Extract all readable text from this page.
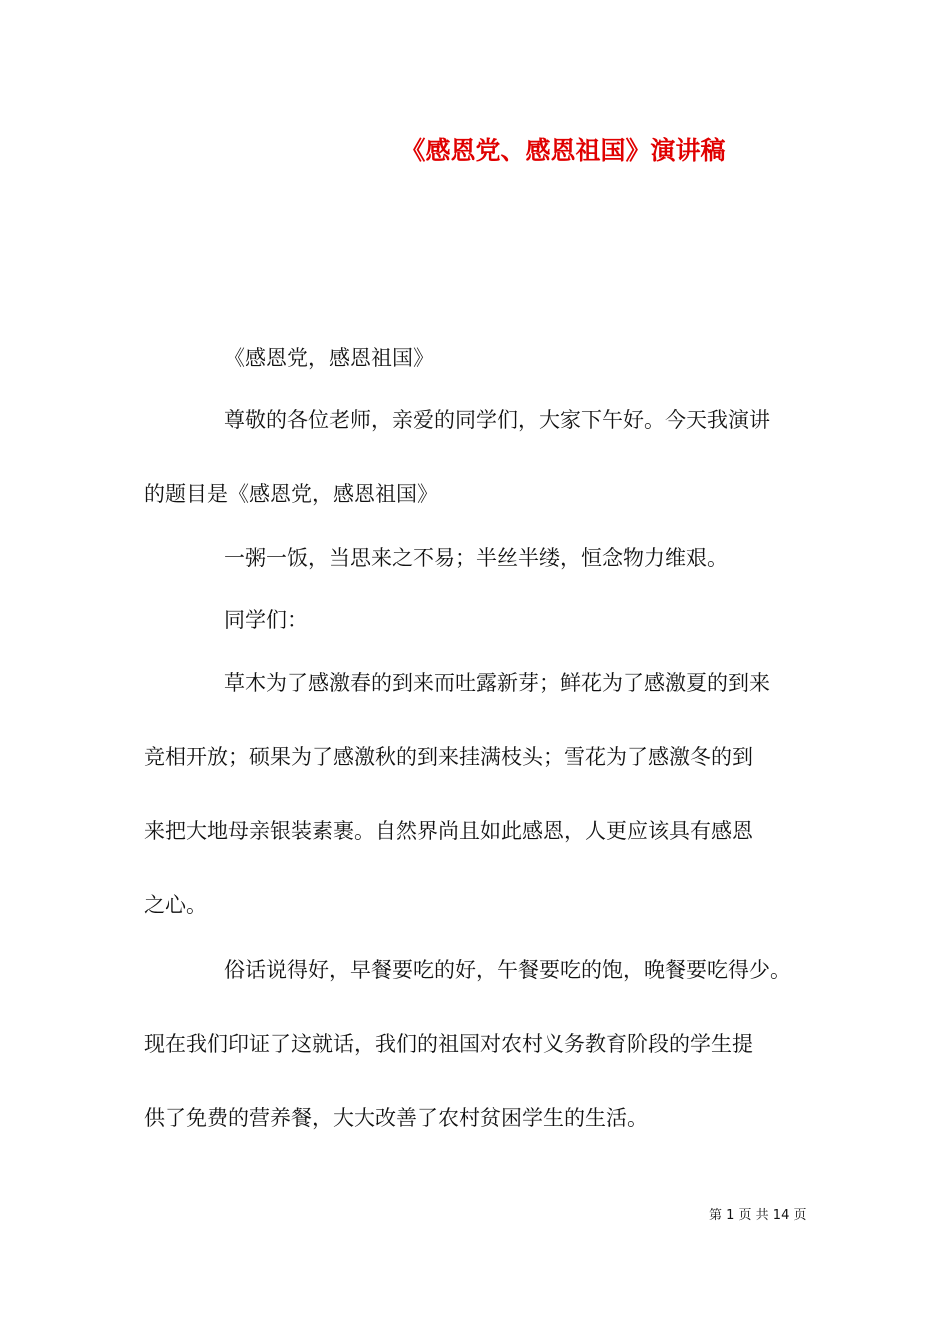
《感恩党、感恩祖国》演讲稿
《感恩党，感恩祖国》
尊敬的各位老师，亲爱的同学们，大家下午好。今天我演讲
的题目是《感恩党，感恩祖国》
一粥一饭，当思来之不易；半丝半缕，恒念物力维艰。
同学们：
草木为了感激春的到来而吐露新芽；鲜花为了感激夏的到来
竞相开放；硕果为了感激秋的到来挂满枝头；雪花为了感激冬的到
来把大地母亲银装素裹。自然界尚且如此感恩，人更应该具有感恩
之心。
俗话说得好，早餐要吃的好，午餐要吃的饱，晚餐要吃得少。
现在我们印证了这就话，我们的祖国对农村义务教育阶段的学生提
供了免费的营养餐，大大改善了农村贫困学生的生活。
第 1 页 共 14 页
